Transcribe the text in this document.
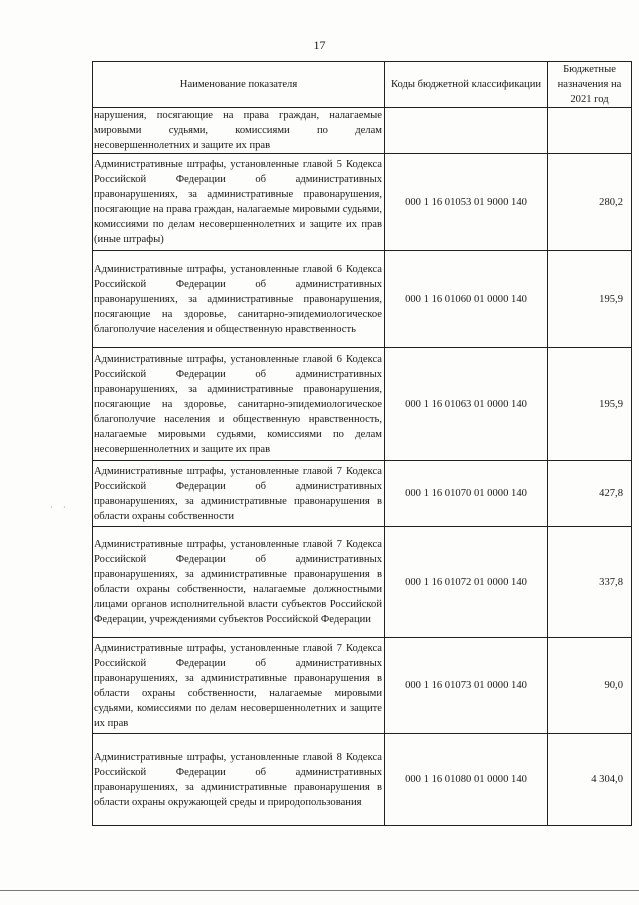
17
Наименование показателя	Коды бюджетной классификации	Бюджетные назначения на 2021 год
нарушения, посягающие на права граждан, налагаемые мировыми судьями, комиссиями по делам несовершеннолетних и защите их прав		
Административные штрафы, установленные главой 5 Кодекса Российской Федерации об административных правонарушениях, за административные правонарушения, посягающие на права граждан, налагаемые мировыми судьями, комиссиями по делам несовершеннолетних и защите их прав (иные штрафы)	000 1 16 01053 01 9000 140	280,2
Административные штрафы, установленные главой 6 Кодекса Российской Федерации об административных правонарушениях, за административные правонарушения, посягающие на здоровье, санитарно-эпидемиологическое благополучие населения и общественную нравственность	000 1 16 01060 01 0000 140	195,9
Административные штрафы, установленные главой 6 Кодекса Российской Федерации об административных правонарушениях, за административные правонарушения, посягающие на здоровье, санитарно-эпидемиологическое благополучие населения и общественную нравственность, налагаемые мировыми судьями, комиссиями по делам несовершеннолетних и защите их прав	000 1 16 01063 01 0000 140	195,9
Административные штрафы, установленные главой 7 Кодекса Российской Федерации об административных правонарушениях, за административные правонарушения в области охраны собственности	000 1 16 01070 01 0000 140	427,8
Административные штрафы, установленные главой 7 Кодекса Российской Федерации об административных правонарушениях, за административные правонарушения в области охраны собственности, налагаемые должностными лицами органов исполнительной власти субъектов Российской Федерации, учреждениями субъектов Российской Федерации	000 1 16 01072 01 0000 140	337,8
Административные штрафы, установленные главой 7 Кодекса Российской Федерации об административных правонарушениях, за административные правонарушения в области охраны собственности, налагаемые мировыми судьями, комиссиями по делам несовершеннолетних и защите их прав	000 1 16 01073 01 0000 140	90,0
Административные штрафы, установленные главой 8 Кодекса Российской Федерации об административных правонарушениях, за административные правонарушения в области охраны окружающей среды и природопользования	000 1 16 01080 01 0000 140	4 304,0
· ·
